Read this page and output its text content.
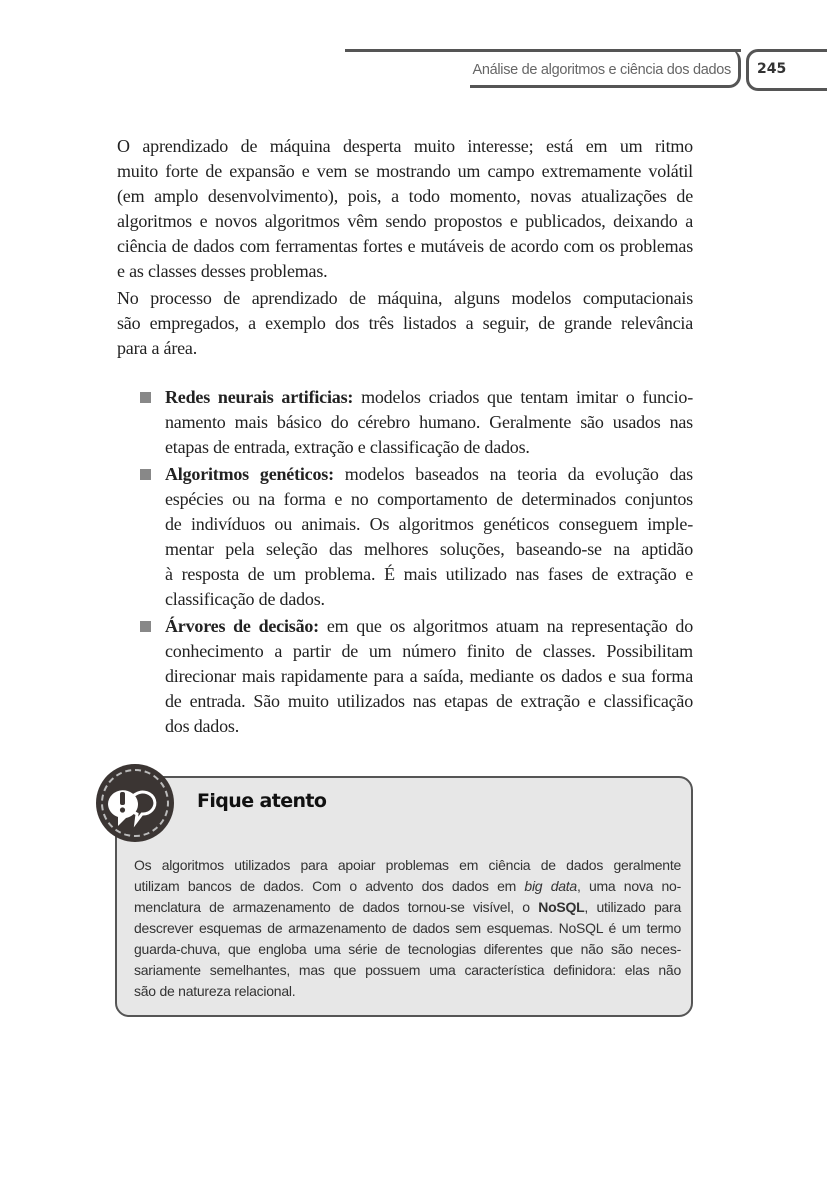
Análise de algoritmos e ciência dos dados 245
O aprendizado de máquina desperta muito interesse; está em um ritmo
muito forte de expansão e vem se mostrando um campo extremamente volátil
(em amplo desenvolvimento), pois, a todo momento, novas atualizações de
algoritmos e novos algoritmos vêm sendo propostos e publicados, deixando a
ciência de dados com ferramentas fortes e mutáveis de acordo com os problemas
e as classes desses problemas.
No processo de aprendizado de máquina, alguns modelos computacionais
são empregados, a exemplo dos três listados a seguir, de grande relevância
para a área.
Redes neurais artificias: modelos criados que tentam imitar o funcio-
namento mais básico do cérebro humano. Geralmente são usados nas
etapas de entrada, extração e classificação de dados.
Algoritmos genéticos: modelos baseados na teoria da evolução das
espécies ou na forma e no comportamento de determinados conjuntos
de indivíduos ou animais. Os algoritmos genéticos conseguem imple-
mentar pela seleção das melhores soluções, baseando-se na aptidão
à resposta de um problema. É mais utilizado nas fases de extração e
classificação de dados.
Árvores de decisão: em que os algoritmos atuam na representação do
conhecimento a partir de um número finito de classes. Possibilitam
direcionar mais rapidamente para a saída, mediante os dados e sua forma
de entrada. São muito utilizados nas etapas de extração e classificação
dos dados.
Fique atento
Os algoritmos utilizados para apoiar problemas em ciência de dados geralmente
utilizam bancos de dados. Com o advento dos dados em big data, uma nova no-
menclatura de armazenamento de dados tornou-se visível, o NoSQL, utilizado para
descrever esquemas de armazenamento de dados sem esquemas. NoSQL é um termo
guarda-chuva, que engloba uma série de tecnologias diferentes que não são neces-
sariamente semelhantes, mas que possuem uma característica definidora: elas não
são de natureza relacional.
